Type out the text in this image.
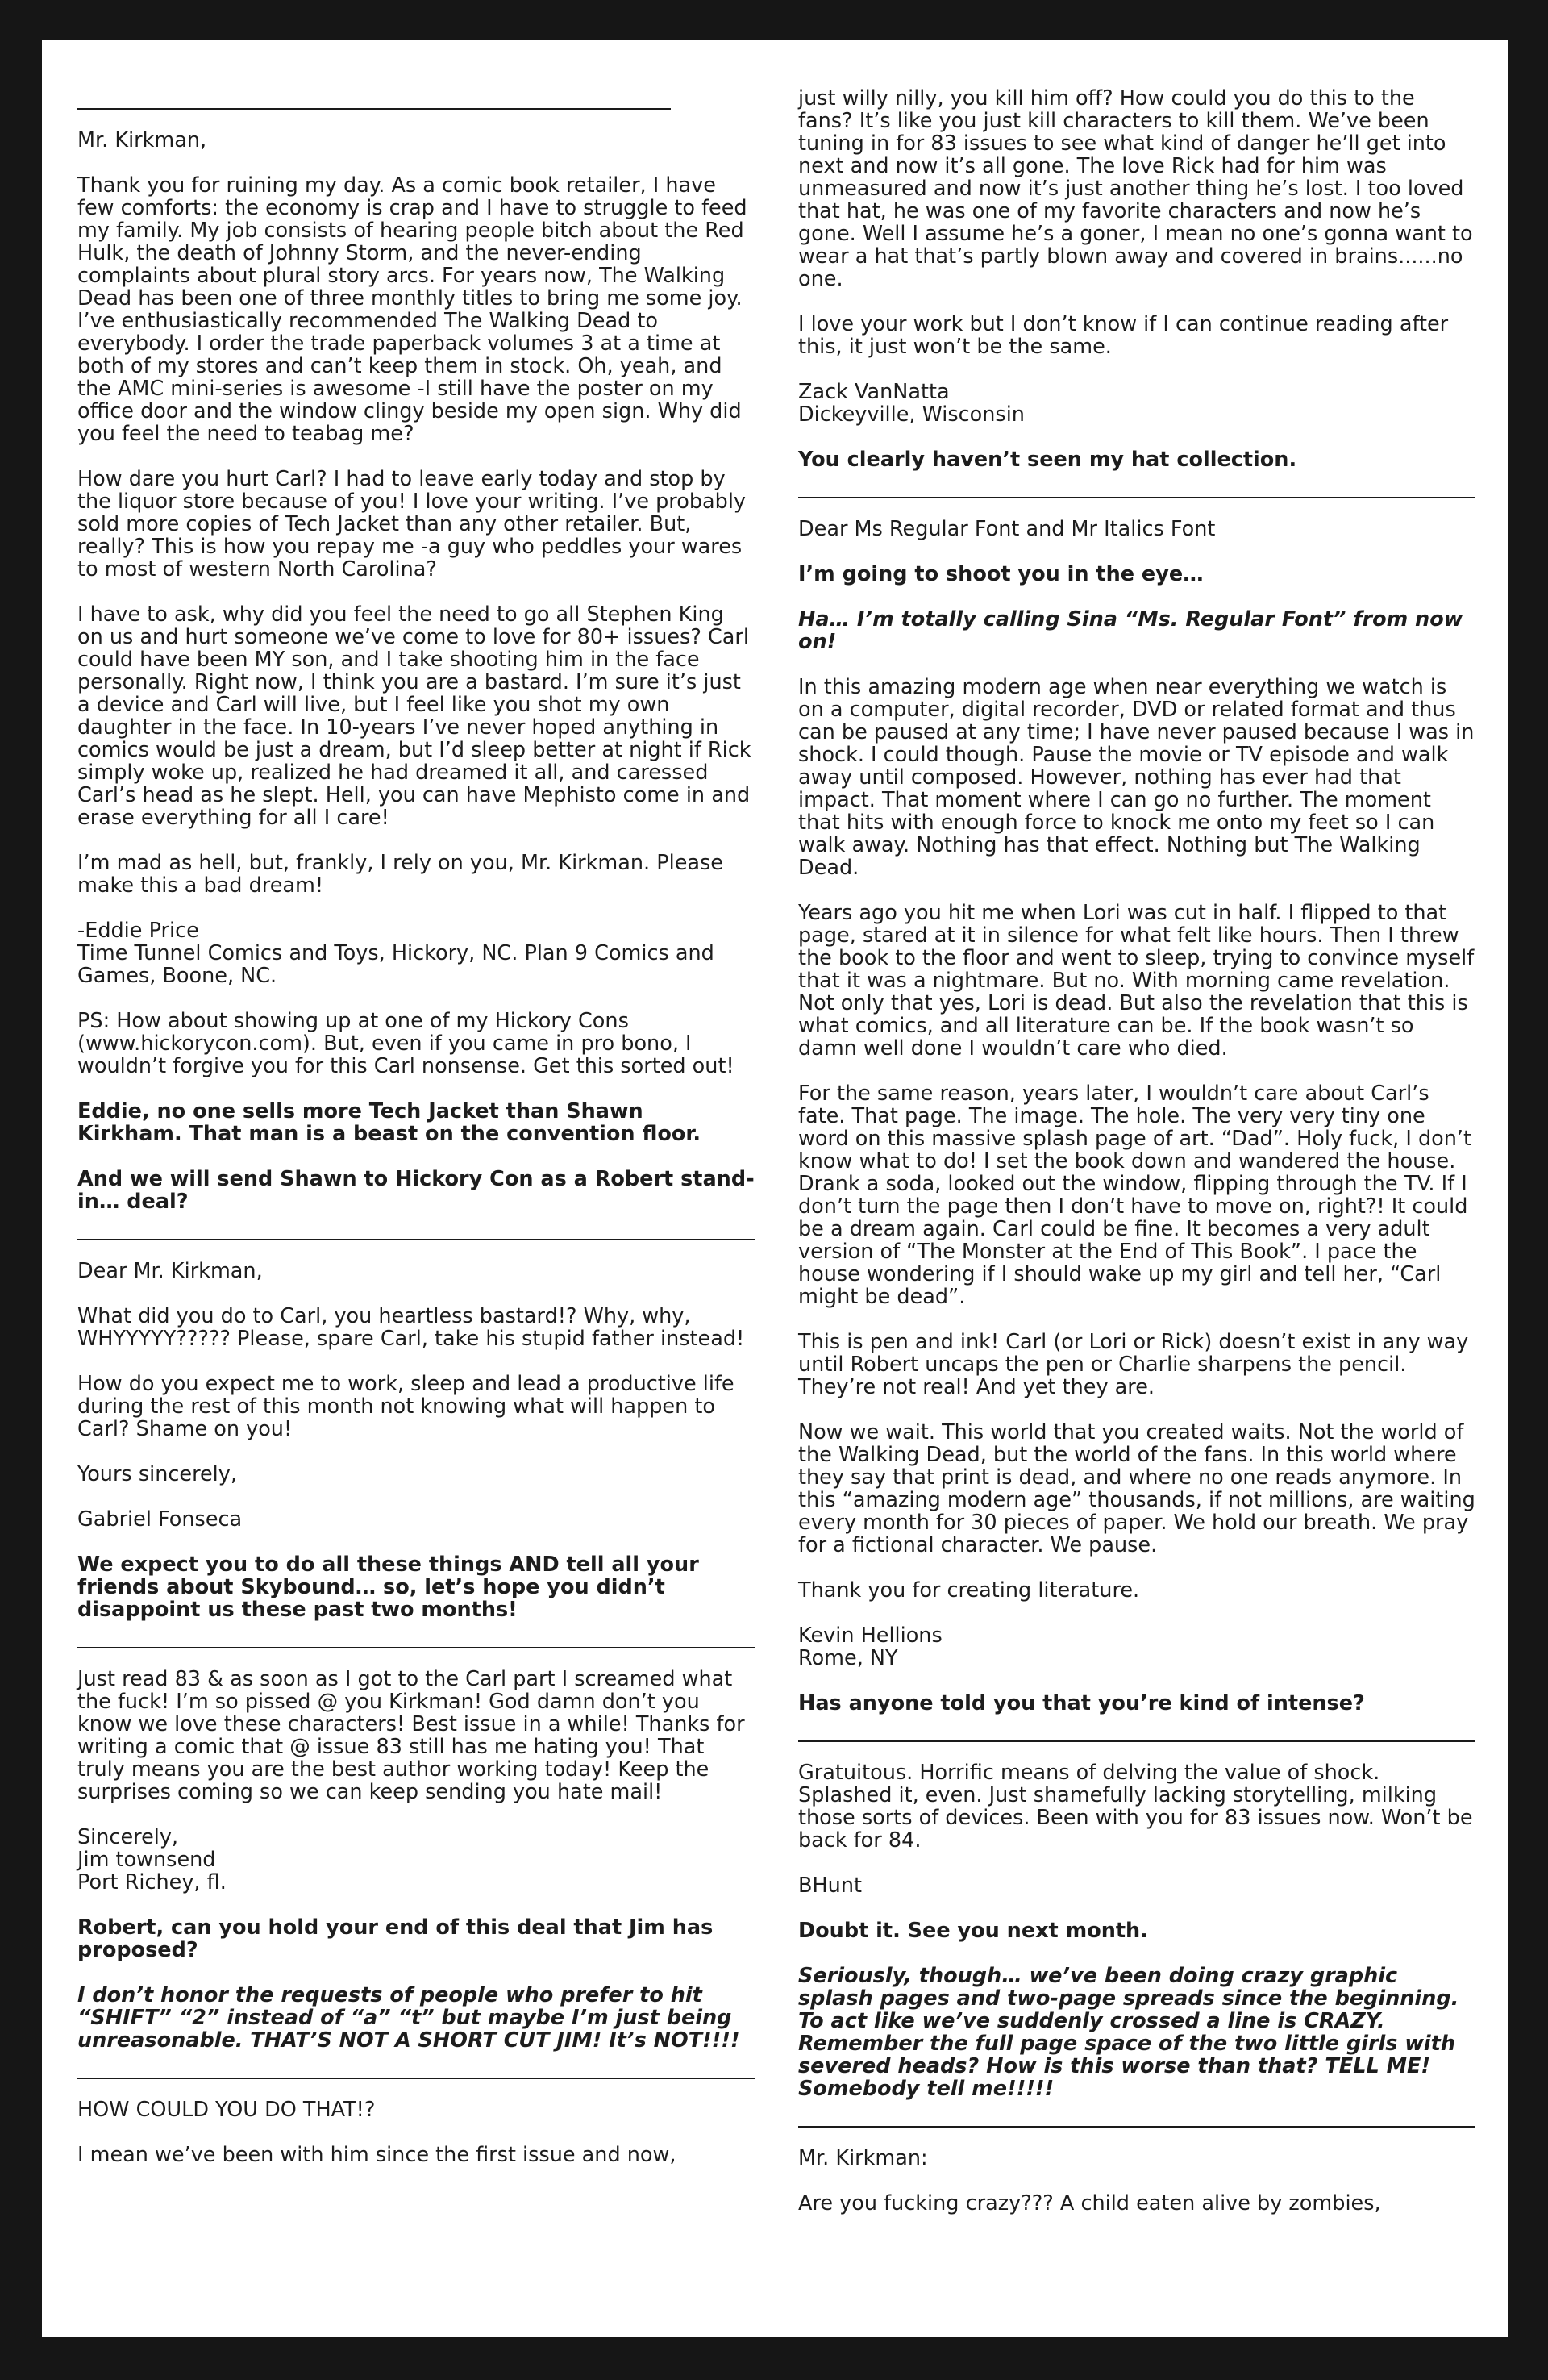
Mr. Kirkman,

Thank you for ruining my day. As a comic book retailer, I have few comforts: the economy is crap and I have to struggle to feed my family. My job consists of hearing people bitch about the Red Hulk, the death of Johnny Storm, and the never-ending complaints about plural story arcs. For years now, The Walking Dead has been one of three monthly titles to bring me some joy. I’ve enthusiastically recommended The Walking Dead to everybody. I order the trade paperback volumes 3 at a time at both of my stores and can’t keep them in stock. Oh, yeah, and the AMC mini-series is awesome -I still have the poster on my office door and the window clingy beside my open sign. Why did you feel the need to teabag me?

How dare you hurt Carl? I had to leave early today and stop by the liquor store because of you! I love your writing. I’ve probably sold more copies of Tech Jacket than any other retailer. But, really? This is how you repay me -a guy who peddles your wares to most of western North Carolina?

I have to ask, why did you feel the need to go all Stephen King on us and hurt someone we’ve come to love for 80+ issues? Carl could have been MY son, and I take shooting him in the face personally. Right now, I think you are a bastard. I’m sure it’s just a device and Carl will live, but I feel like you shot my own daughter in the face. In 10-years I’ve never hoped anything in comics would be just a dream, but I’d sleep better at night if Rick simply woke up, realized he had dreamed it all, and caressed Carl’s head as he slept. Hell, you can have Mephisto come in and erase everything for all I care!

I’m mad as hell, but, frankly, I rely on you, Mr. Kirkman. Please make this a bad dream!

-Eddie Price
Time Tunnel Comics and Toys, Hickory, NC. Plan 9 Comics and Games, Boone, NC.

PS: How about showing up at one of my Hickory Cons (www.hickorycon.com). But, even if you came in pro bono, I wouldn’t forgive you for this Carl nonsense. Get this sorted out!

Eddie, no one sells more Tech Jacket than Shawn Kirkham. That man is a beast on the convention floor.

And we will send Shawn to Hickory Con as a Robert stand-in… deal?

Dear Mr. Kirkman,

What did you do to Carl, you heartless bastard!? Why, why, WHYYYYY????? Please, spare Carl, take his stupid father instead!

How do you expect me to work, sleep and lead a productive life during the rest of this month not knowing what will happen to Carl? Shame on you!

Yours sincerely,

Gabriel Fonseca

We expect you to do all these things AND tell all your friends about Skybound… so, let’s hope you didn’t disappoint us these past two months!

Just read 83 & as soon as I got to the Carl part I screamed what the fuck! I’m so pissed @ you Kirkman! God damn don’t you know we love these characters! Best issue in a while! Thanks for writing a comic that @ issue 83 still has me hating you! That truly means you are the best author working today! Keep the surprises coming so we can keep sending you hate mail!

Sincerely,
Jim townsend
Port Richey, fl.

Robert, can you hold your end of this deal that Jim has proposed?

I don’t honor the requests of people who prefer to hit “SHIFT” “2” instead of “a” “t” but maybe I’m just being unreasonable. THAT’S NOT A SHORT CUT JIM! It’s NOT!!!!

HOW COULD YOU DO THAT!?

I mean we’ve been with him since the first issue and now,

just willy nilly, you kill him off? How could you do this to the fans? It’s like you just kill characters to kill them. We’ve been tuning in for 83 issues to see what kind of danger he’ll get into next and now it’s all gone. The love Rick had for him was unmeasured and now it’s just another thing he’s lost. I too loved that hat, he was one of my favorite characters and now he’s gone. Well I assume he’s a goner, I mean no one’s gonna want to wear a hat that’s partly blown away and covered in brains......no one.

I love your work but I don’t know if I can continue reading after this, it just won’t be the same.

Zack VanNatta
Dickeyville, Wisconsin

You clearly haven’t seen my hat collection.

Dear Ms Regular Font and Mr Italics Font

I’m going to shoot you in the eye…

Ha… I’m totally calling Sina “Ms. Regular Font” from now on!

In this amazing modern age when near everything we watch is on a computer, digital recorder, DVD or related format and thus can be paused at any time; I have never paused because I was in shock. I could though. Pause the movie or TV episode and walk away until composed. However, nothing has ever had that impact. That moment where I can go no further. The moment that hits with enough force to knock me onto my feet so I can walk away. Nothing has that effect. Nothing but The Walking Dead.

Years ago you hit me when Lori was cut in half. I flipped to that page, stared at it in silence for what felt like hours. Then I threw the book to the floor and went to sleep, trying to convince myself that it was a nightmare. But no. With morning came revelation. Not only that yes, Lori is dead. But also the revelation that this is what comics, and all literature can be. If the book wasn’t so damn well done I wouldn’t care who died.

For the same reason, years later, I wouldn’t care about Carl’s fate. That page. The image. The hole. The very very tiny one word on this massive splash page of art. “Dad”. Holy fuck, I don’t know what to do! I set the book down and wandered the house. Drank a soda, looked out the window, flipping through the TV. If I don’t turn the page then I don’t have to move on, right?! It could be a dream again. Carl could be fine. It becomes a very adult version of “The Monster at the End of This Book”. I pace the house wondering if I should wake up my girl and tell her, “Carl might be dead”.

This is pen and ink! Carl (or Lori or Rick) doesn’t exist in any way until Robert uncaps the pen or Charlie sharpens the pencil. They’re not real! And yet they are.

Now we wait. This world that you created waits. Not the world of the Walking Dead, but the world of the fans. In this world where they say that print is dead, and where no one reads anymore. In this “amazing modern age” thousands, if not millions, are waiting every month for 30 pieces of paper. We hold our breath. We pray for a fictional character. We pause.

Thank you for creating literature.

Kevin Hellions
Rome, NY

Has anyone told you that you’re kind of intense?

Gratuitous. Horrific means of delving the value of shock. Splashed it, even. Just shamefully lacking storytelling, milking those sorts of devices. Been with you for 83 issues now. Won’t be back for 84.

BHunt

Doubt it. See you next month.

Seriously, though… we’ve been doing crazy graphic splash pages and two-page spreads since the beginning. To act like we’ve suddenly crossed a line is CRAZY. Remember the full page space of the two little girls with severed heads? How is this worse than that? TELL ME! Somebody tell me!!!!!

Mr. Kirkman:

Are you fucking crazy??? A child eaten alive by zombies,
